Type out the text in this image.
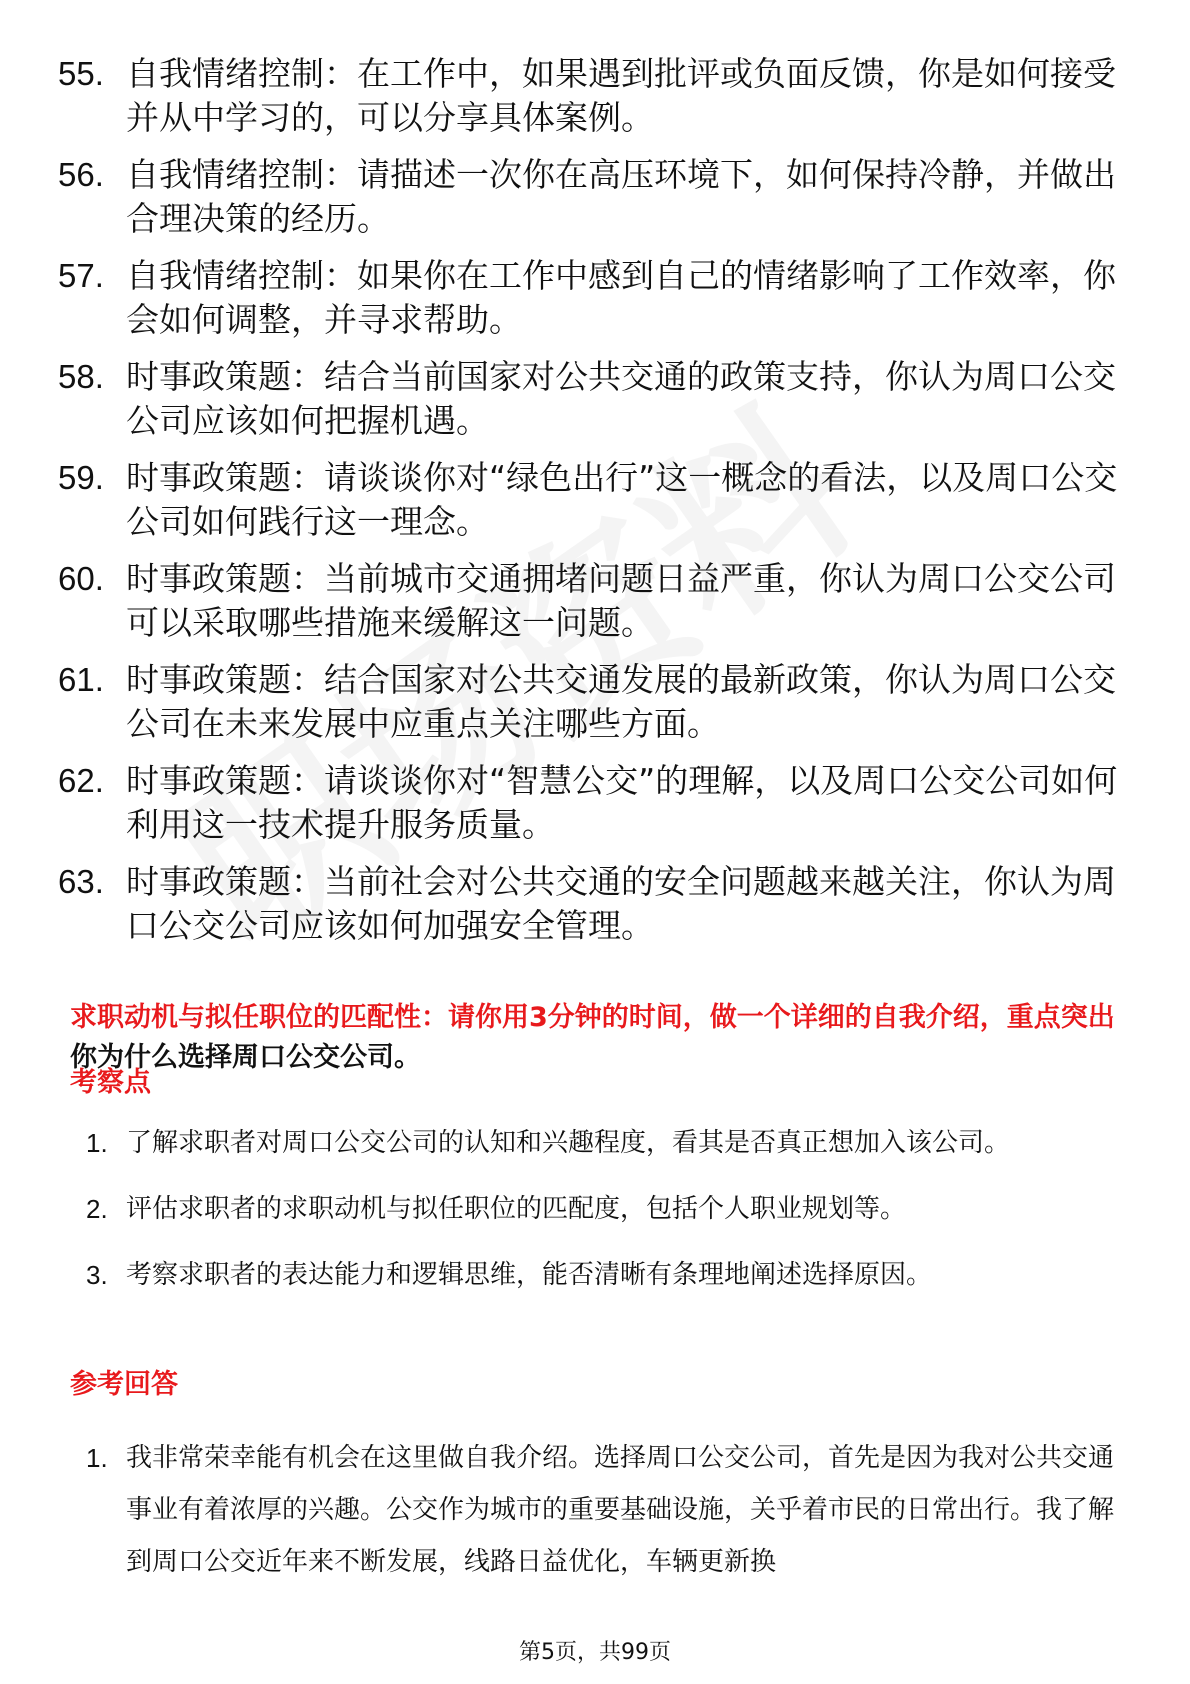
55. 自我情绪控制：在工作中，如果遇到批评或负面反馈，你是如何接受并从中学习的，可以分享具体案例。
56. 自我情绪控制：请描述一次你在高压环境下，如何保持冷静，并做出合理决策的经历。
57. 自我情绪控制：如果你在工作中感到自己的情绪影响了工作效率，你会如何调整，并寻求帮助。
58. 时事政策题：结合当前国家对公共交通的政策支持，你认为周口公交公司应该如何把握机遇。
59. 时事政策题：请谈谈你对“绿色出行”这一概念的看法，以及周口公交公司如何践行这一理念。
60. 时事政策题：当前城市交通拥堵问题日益严重，你认为周口公交公司可以采取哪些措施来缓解这一问题。
61. 时事政策题：结合国家对公共交通发展的最新政策，你认为周口公交公司在未来发展中应重点关注哪些方面。
62. 时事政策题：请谈谈你对“智慧公交”的理解，以及周口公交公司如何利用这一技术提升服务质量。
63. 时事政策题：当前社会对公共交通的安全问题越来越关注，你认为周口公交公司应该如何加强安全管理。
求职动机与拟任职位的匹配性：请你用3分钟的时间，做一个详细的自我介绍，重点突出你为什么选择周口公交公司。
考察点
1. 了解求职者对周口公交公司的认知和兴趣程度，看其是否真正想加入该公司。
2. 评估求职者的求职动机与拟任职位的匹配度，包括个人职业规划等。
3. 考察求职者的表达能力和逻辑思维，能否清晰有条理地阐述选择原因。
参考回答
1. 我非常荣幸能有机会在这里做自我介绍。选择周口公交公司，首先是因为我对公共交通事业有着浓厚的兴趣。公交作为城市的重要基础设施，关乎着市民的日常出行。我了解到周口公交近年来不断发展，线路日益优化，车辆更新换
第5页，共99页
